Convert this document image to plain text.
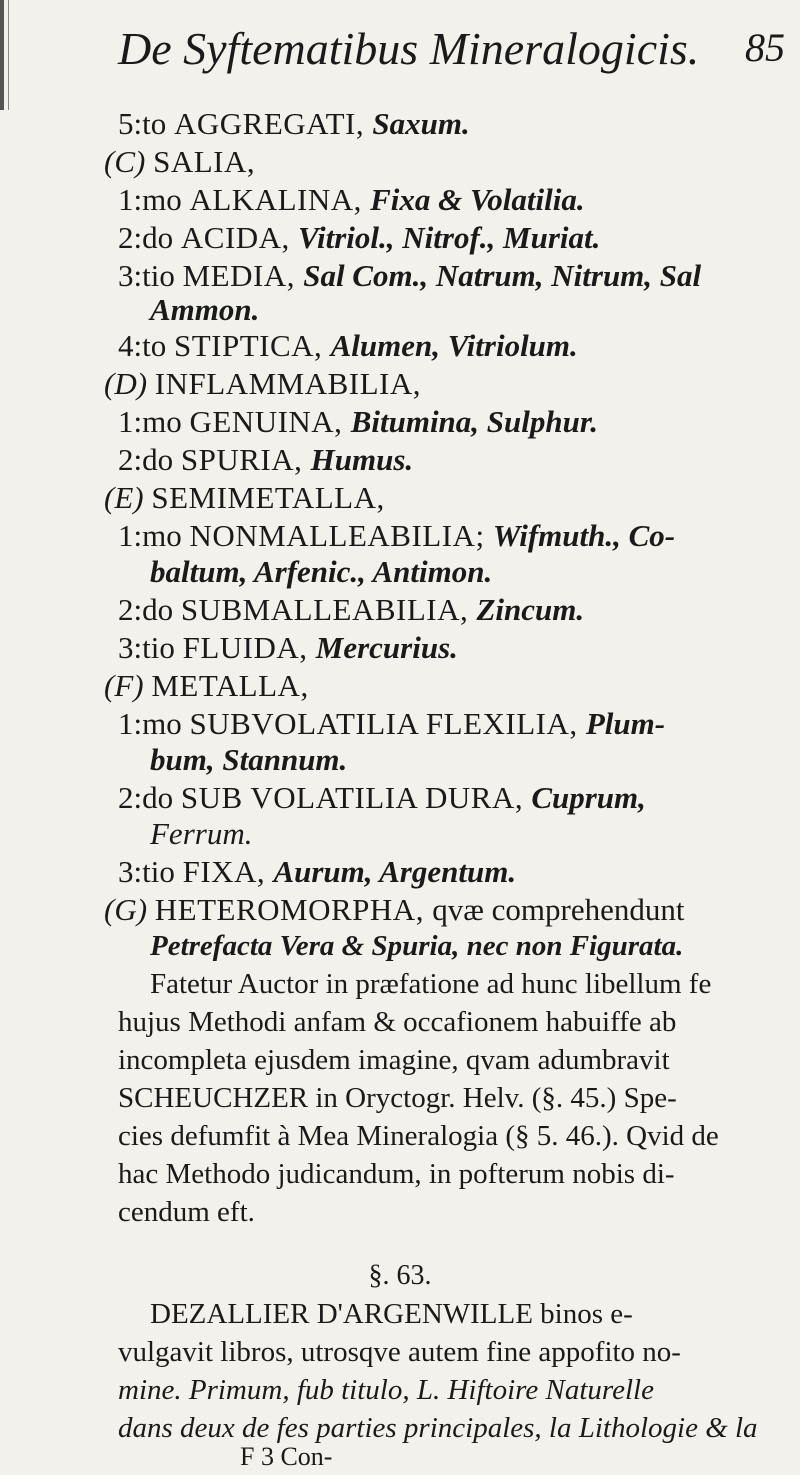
De Syftematibus Mineralogicis. 85
5:to AGGREGATI, Saxum.
(C) SALIA,
1:mo ALKALINA, Fixa & Volatilia.
2:do ACIDA, Vitriol., Nitrof., Muriat.
3:tio MEDIA, Sal Com., Natrum, Nitrum, Sal
Ammon.
4:to STIPTICA, Alumen, Vitriolum.
(D) INFLAMMABILIA,
1:mo GENUINA, Bitumina, Sulphur.
2:do SPURIA, Humus.
(E) SEMIMETALLA,
1:mo NONMALLEABILIA; Wifmuth., Co-
baltum, Arfenic., Antimon.
2:do SUBMALLEABILIA, Zincum.
3:tio FLUIDA, Mercurius.
(F) METALLA,
1:mo SUBVOLATILIA FLEXILIA, Plum-
bum, Stannum.
2:do SUB VOLATILIA DURA, Cuprum,
Ferrum.
3:tio FIXA, Aurum, Argentum.
(G) HETEROMORPHA, qvæ comprehendunt
Petrefacta Vera & Spuria, nec non Figurata.
Fatetur Auctor in præfatione ad hunc libellum fe
hujus Methodi anfam & occafionem habuiffe ab
incompleta ejusdem imagine, qvam adumbravit
SCHEUCHZER in Oryctogr. Helv. (§. 45.) Spe-
cies defumfit à Mea Mineralogia (§ 5. 46.). Qvid de
hac Methodo judicandum, in pofterum nobis di-
cendum eft.
§. 63.
DEZALLIER D'ARGENWILLE binos e-
vulgavit libros, utrosqve autem fine appofito no-
mine. Primum, fub titulo, L. Hiftoire Naturelle
dans deux de fes parties principales, la Lithologie & la
F 3 Con-
